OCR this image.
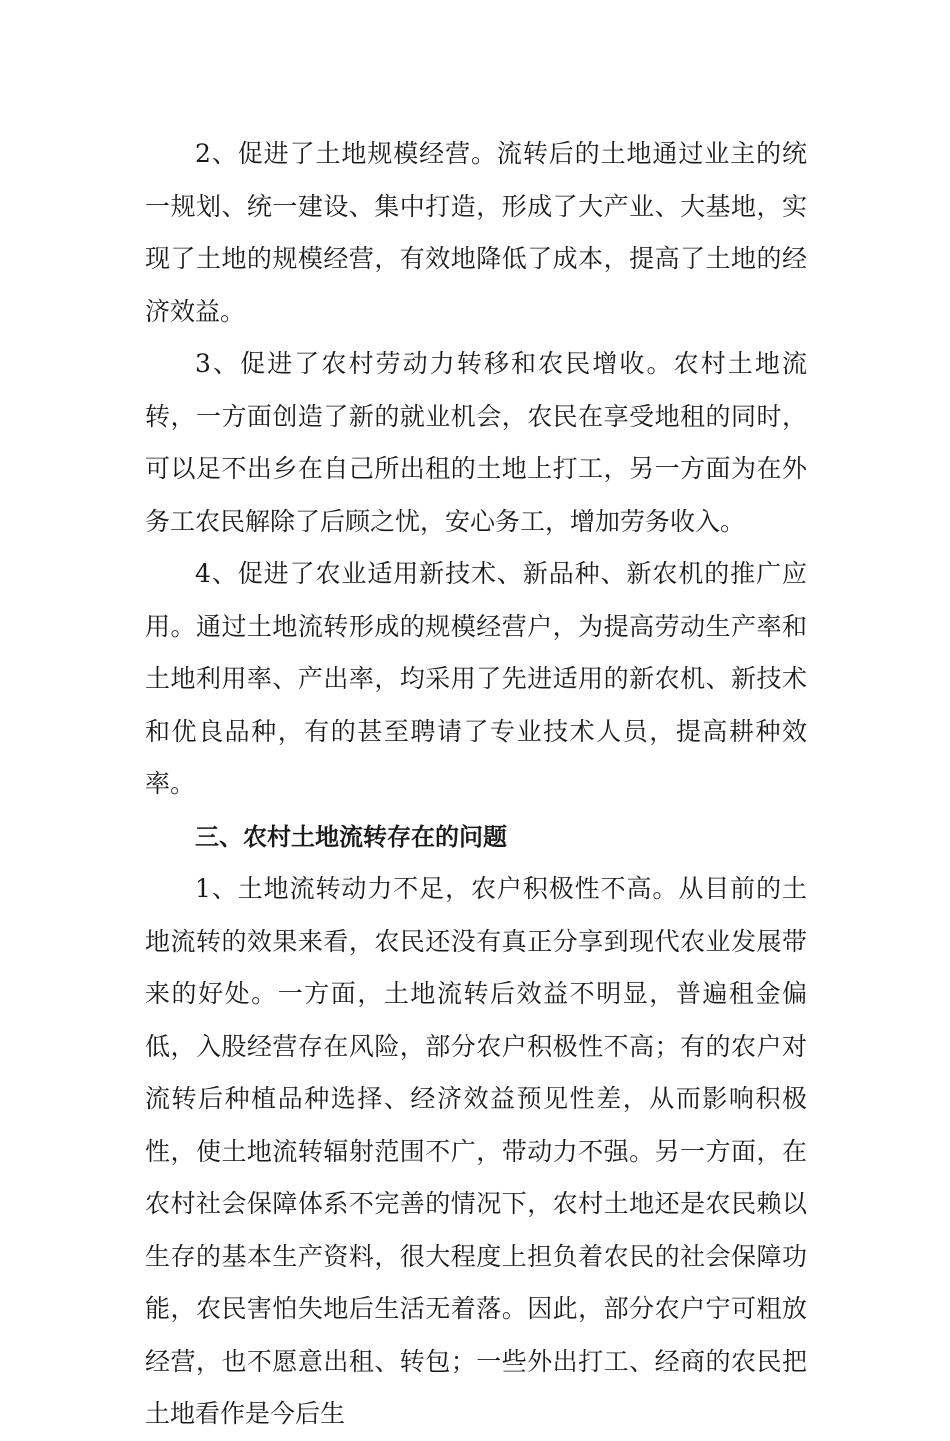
2、促进了土地规模经营。流转后的土地通过业主的统一规划、统一建设、集中打造，形成了大产业、大基地，实现了土地的规模经营，有效地降低了成本，提高了土地的经济效益。

3、促进了农村劳动力转移和农民增收。农村土地流转，一方面创造了新的就业机会，农民在享受地租的同时，可以足不出乡在自己所出租的土地上打工，另一方面为在外务工农民解除了后顾之忧，安心务工，增加劳务收入。

4、促进了农业适用新技术、新品种、新农机的推广应用。通过土地流转形成的规模经营户，为提高劳动生产率和土地利用率、产出率，均采用了先进适用的新农机、新技术和优良品种，有的甚至聘请了专业技术人员，提高耕种效率。

三、农村土地流转存在的问题

1、土地流转动力不足，农户积极性不高。从目前的土地流转的效果来看，农民还没有真正分享到现代农业发展带来的好处。一方面，土地流转后效益不明显，普遍租金偏低，入股经营存在风险，部分农户积极性不高；有的农户对流转后种植品种选择、经济效益预见性差，从而影响积极性，使土地流转辐射范围不广，带动力不强。另一方面，在农村社会保障体系不完善的情况下，农村土地还是农民赖以生存的基本生产资料，很大程度上担负着农民的社会保障功能，农民害怕失地后生活无着落。因此，部分农户宁可粗放经营，也不愿意出租、转包；一些外出打工、经商的农民把土地看作是今后生
